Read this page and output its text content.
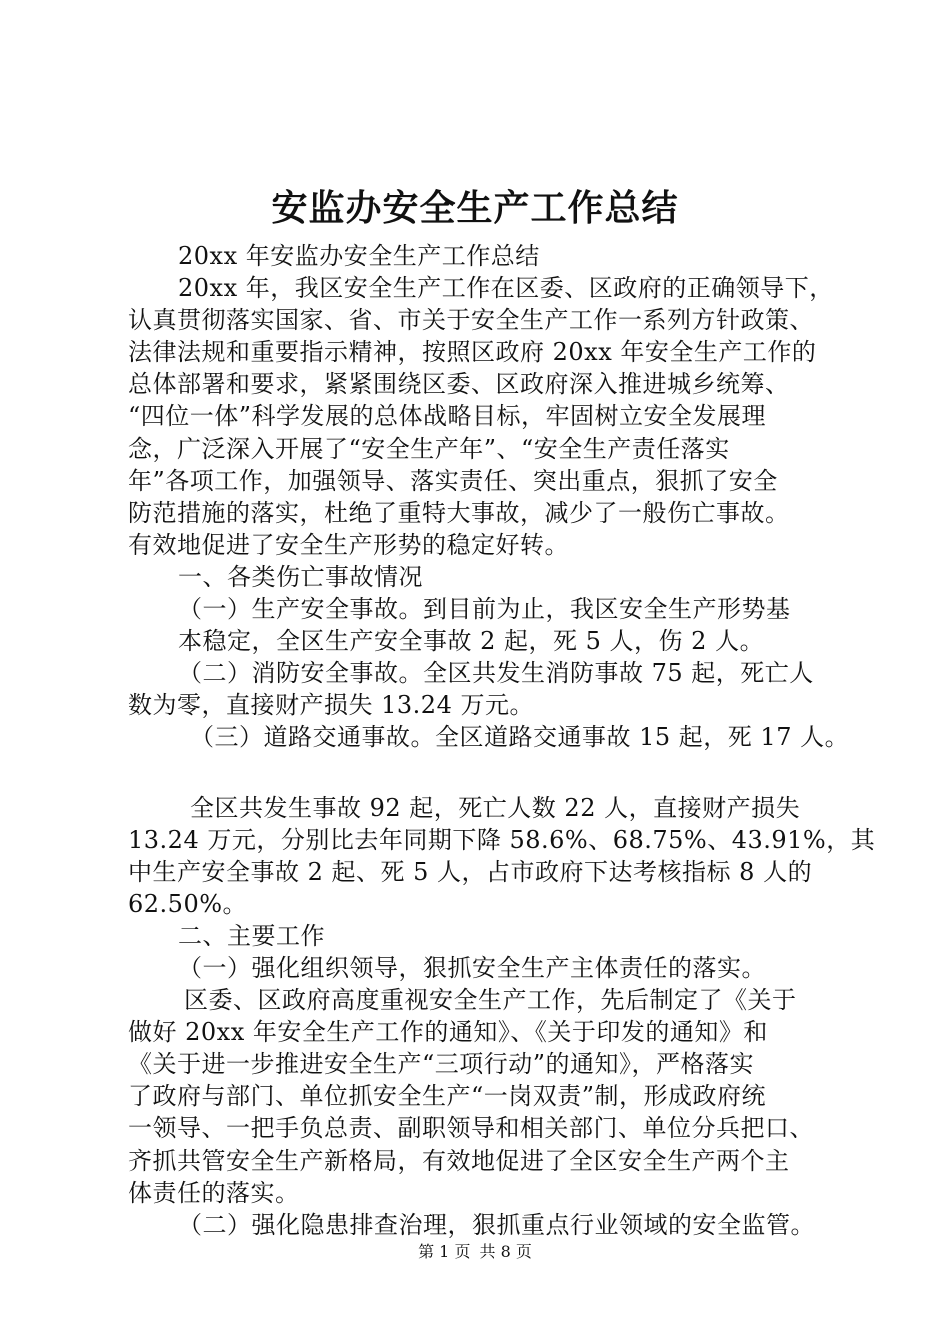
安监办安全生产工作总结

20xx 年安监办安全生产工作总结

20xx 年，我区安全生产工作在区委、区政府的正确领导下，

认真贯彻落实国家、省、市关于安全生产工作一系列方针政策、

法律法规和重要指示精神，按照区政府 20xx 年安全生产工作的

总体部署和要求，紧紧围绕区委、区政府深入推进城乡统筹、

“四位一体”科学发展的总体战略目标，牢固树立安全发展理

念，广泛深入开展了“安全生产年”、“安全生产责任落实

年”各项工作，加强领导、落实责任、突出重点，狠抓了安全

防范措施的落实，杜绝了重特大事故，减少了一般伤亡事故。

有效地促进了安全生产形势的稳定好转。

一、各类伤亡事故情况

（一）生产安全事故。到目前为止，我区安全生产形势基

本稳定，全区生产安全事故 2 起，死 5 人，伤 2 人。

（二）消防安全事故。全区共发生消防事故 75 起，死亡人

数为零，直接财产损失 13.24 万元。

（三）道路交通事故。全区道路交通事故 15 起，死 17 人。

全区共发生事故 92 起，死亡人数 22 人，直接财产损失

13.24 万元，分别比去年同期下降 58.6%、68.75%、43.91%，其

中生产安全事故 2 起、死 5 人，占市政府下达考核指标 8 人的

62.50%。

二、主要工作

（一）强化组织领导，狠抓安全生产主体责任的落实。

区委、区政府高度重视安全生产工作，先后制定了《关于

做好 20xx 年安全生产工作的通知》、《关于印发的通知》和

《关于进一步推进安全生产“三项行动”的通知》，严格落实

了政府与部门、单位抓安全生产“一岗双责”制，形成政府统

一领导、一把手负总责、副职领导和相关部门、单位分兵把口、

齐抓共管安全生产新格局，有效地促进了全区安全生产两个主

体责任的落实。

（二）强化隐患排查治理，狠抓重点行业领域的安全监管。

第 1 页 共 8 页
